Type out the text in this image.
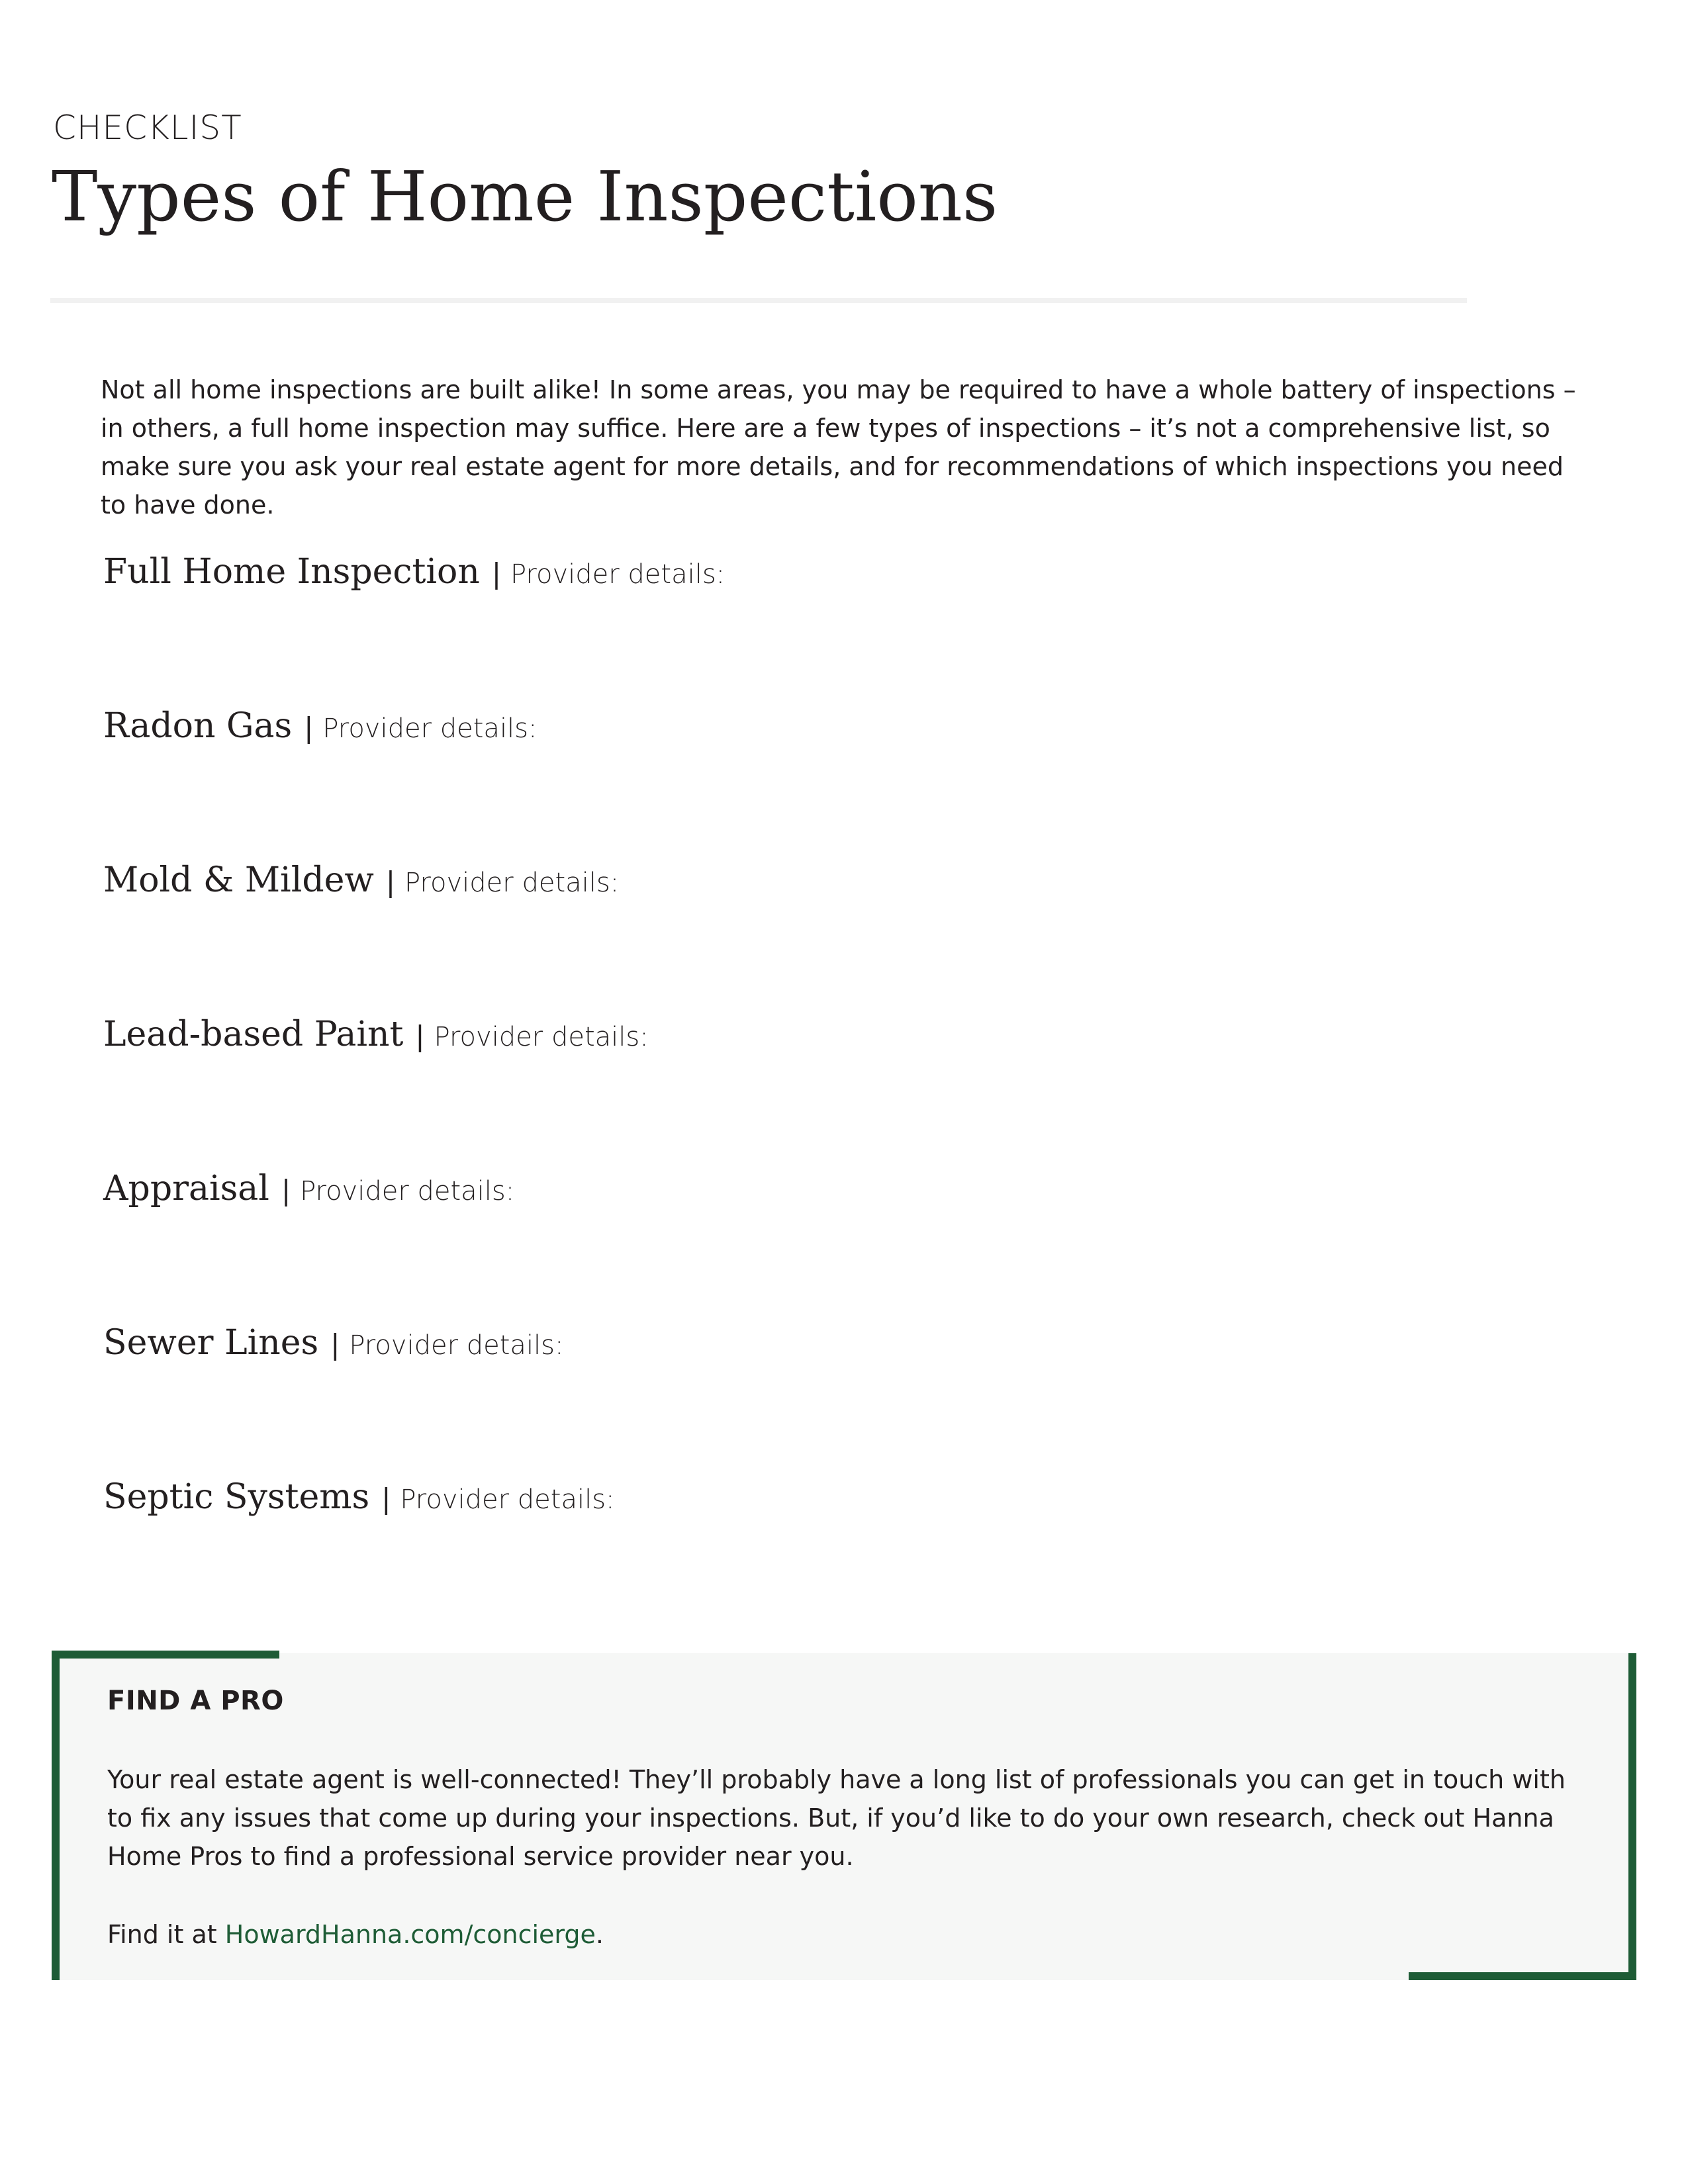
CHECKLIST
Types of Home Inspections
Not all home inspections are built alike! In some areas, you may be required to have a whole battery of inspections – in others, a full home inspection may suffice. Here are a few types of inspections – it’s not a comprehensive list, so make sure you ask your real estate agent for more details, and for recommendations of which inspections you need to have done.
Full Home Inspection | Provider details:
Radon Gas | Provider details:
Mold & Mildew | Provider details:
Lead-based Paint | Provider details:
Appraisal | Provider details:
Sewer Lines | Provider details:
Septic Systems | Provider details:
FIND A PRO
Your real estate agent is well-connected! They’ll probably have a long list of professionals you can get in touch with to fix any issues that come up during your inspections. But, if you’d like to do your own research, check out Hanna Home Pros to find a professional service provider near you.
Find it at HowardHanna.com/concierge.
